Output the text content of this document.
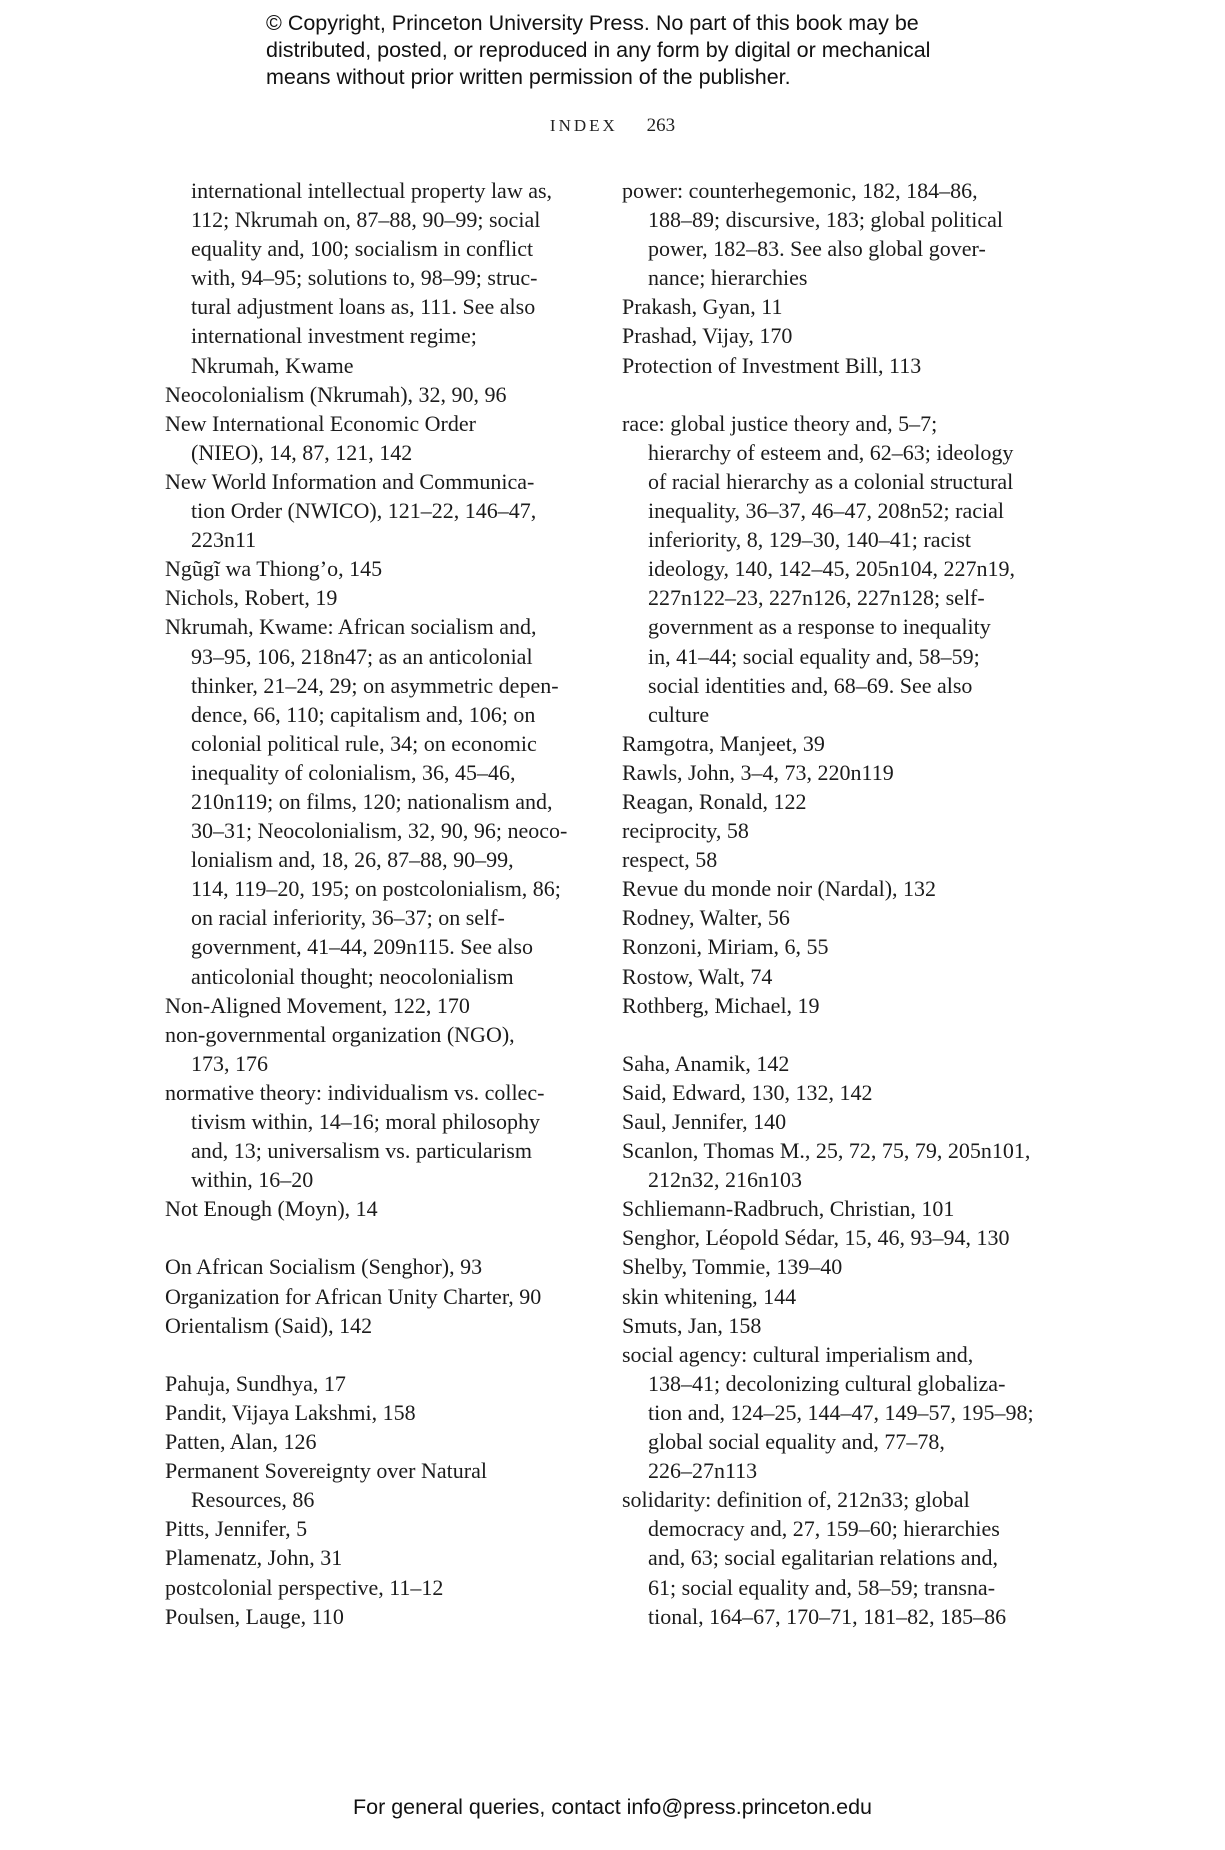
© Copyright, Princeton University Press. No part of this book may be
distributed, posted, or reproduced in any form by digital or mechanical
means without prior written permission of the publisher.
INDEX 263
international intellectual property law as,
112; Nkrumah on, 87–88, 90–99; social
equality and, 100; socialism in conflict
with, 94–95; solutions to, 98–99; struc-
tural adjustment loans as, 111. See also
international investment regime;
Nkrumah, Kwame
Neocolonialism (Nkrumah), 32, 90, 96
New International Economic Order
(NIEO), 14, 87, 121, 142
New World Information and Communica-
tion Order (NWICO), 121–22, 146–47,
223n11
Ngũgĩ wa Thiong’o, 145
Nichols, Robert, 19
Nkrumah, Kwame: African socialism and,
93–95, 106, 218n47; as an anticolonial
thinker, 21–24, 29; on asymmetric depen-
dence, 66, 110; capitalism and, 106; on
colonial political rule, 34; on economic
inequality of colonialism, 36, 45–46,
210n119; on films, 120; nationalism and,
30–31; Neocolonialism, 32, 90, 96; neoco-
lonialism and, 18, 26, 87–88, 90–99,
114, 119–20, 195; on postcolonialism, 86;
on racial inferiority, 36–37; on self-
government, 41–44, 209n115. See also
anticolonial thought; neocolonialism
Non-Aligned Movement, 122, 170
non-governmental organization (NGO),
173, 176
normative theory: individualism vs. collec-
tivism within, 14–16; moral philosophy
and, 13; universalism vs. particularism
within, 16–20
Not Enough (Moyn), 14
On African Socialism (Senghor), 93
Organization for African Unity Charter, 90
Orientalism (Said), 142
Pahuja, Sundhya, 17
Pandit, Vijaya Lakshmi, 158
Patten, Alan, 126
Permanent Sovereignty over Natural
Resources, 86
Pitts, Jennifer, 5
Plamenatz, John, 31
postcolonial perspective, 11–12
Poulsen, Lauge, 110
power: counterhegemonic, 182, 184–86,
188–89; discursive, 183; global political
power, 182–83. See also global gover-
nance; hierarchies
Prakash, Gyan, 11
Prashad, Vijay, 170
Protection of Investment Bill, 113
race: global justice theory and, 5–7;
hierarchy of esteem and, 62–63; ideology
of racial hierarchy as a colonial structural
inequality, 36–37, 46–47, 208n52; racial
inferiority, 8, 129–30, 140–41; racist
ideology, 140, 142–45, 205n104, 227n19,
227n122–23, 227n126, 227n128; self-
government as a response to inequality
in, 41–44; social equality and, 58–59;
social identities and, 68–69. See also
culture
Ramgotra, Manjeet, 39
Rawls, John, 3–4, 73, 220n119
Reagan, Ronald, 122
reciprocity, 58
respect, 58
Revue du monde noir (Nardal), 132
Rodney, Walter, 56
Ronzoni, Miriam, 6, 55
Rostow, Walt, 74
Rothberg, Michael, 19
Saha, Anamik, 142
Said, Edward, 130, 132, 142
Saul, Jennifer, 140
Scanlon, Thomas M., 25, 72, 75, 79, 205n101,
212n32, 216n103
Schliemann-Radbruch, Christian, 101
Senghor, Léopold Sédar, 15, 46, 93–94, 130
Shelby, Tommie, 139–40
skin whitening, 144
Smuts, Jan, 158
social agency: cultural imperialism and,
138–41; decolonizing cultural globaliza-
tion and, 124–25, 144–47, 149–57, 195–98;
global social equality and, 77–78,
226–27n113
solidarity: definition of, 212n33; global
democracy and, 27, 159–60; hierarchies
and, 63; social egalitarian relations and,
61; social equality and, 58–59; transna-
tional, 164–67, 170–71, 181–82, 185–86
For general queries, contact info@press.princeton.edu
